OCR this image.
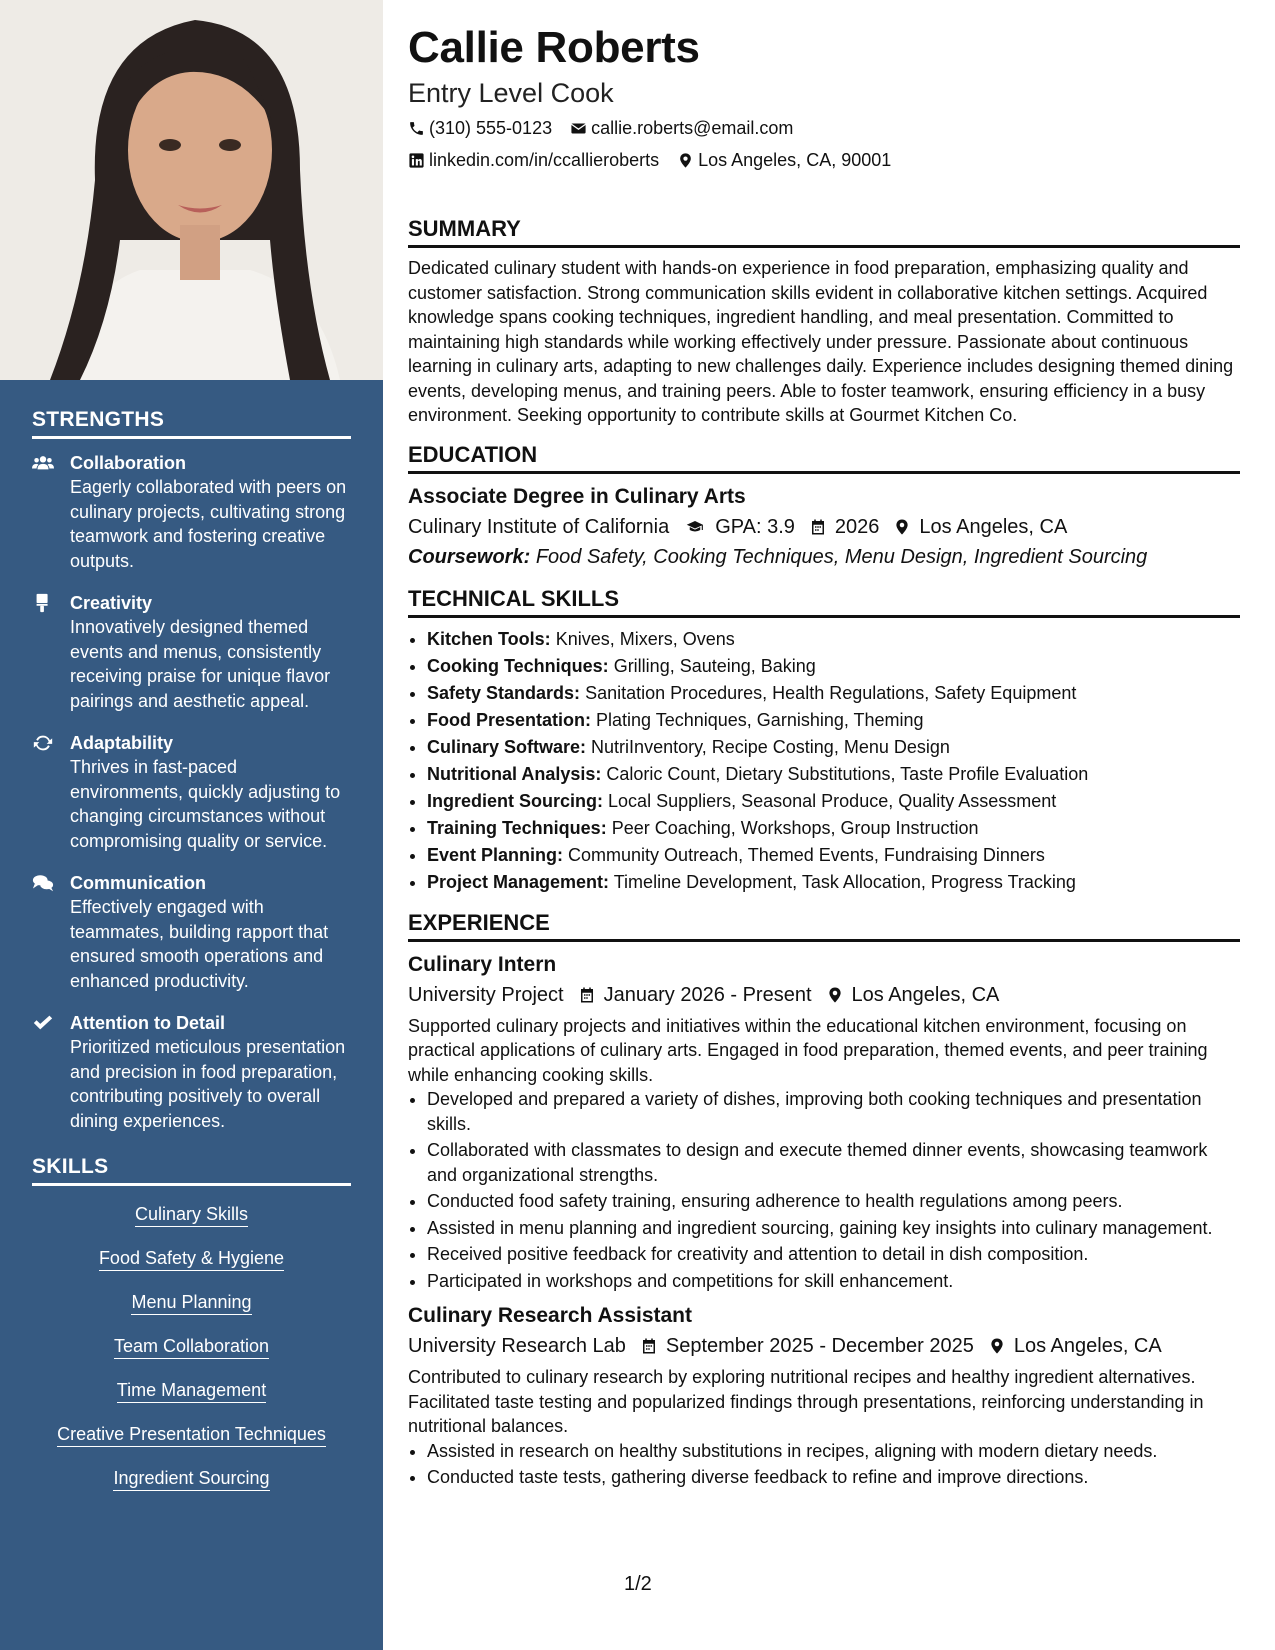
STRENGTHS
Collaboration
Eagerly collaborated with peers on culinary projects, cultivating strong teamwork and fostering creative outputs.
Creativity
Innovatively designed themed events and menus, consistently receiving praise for unique flavor pairings and aesthetic appeal.
Adaptability
Thrives in fast-paced environments, quickly adjusting to changing circumstances without compromising quality or service.
Communication
Effectively engaged with teammates, building rapport that ensured smooth operations and enhanced productivity.
Attention to Detail
Prioritized meticulous presentation and precision in food preparation, contributing positively to overall dining experiences.
SKILLS
Culinary Skills
Food Safety & Hygiene
Menu Planning
Team Collaboration
Time Management
Creative Presentation Techniques
Ingredient Sourcing
Callie Roberts
Entry Level Cook
(310) 555-0123 callie.roberts@email.com
linkedin.com/in/ccallieroberts Los Angeles, CA, 90001
SUMMARY

Dedicated culinary student with hands-on experience in food preparation, emphasizing quality and customer satisfaction. Strong communication skills evident in collaborative kitchen settings. Acquired knowledge spans cooking techniques, ingredient handling, and meal presentation. Committed to maintaining high standards while working effectively under pressure. Passionate about continuous learning in culinary arts, adapting to new challenges daily. Experience includes designing themed dining events, developing menus, and training peers. Able to foster teamwork, ensuring efficiency in a busy environment. Seeking opportunity to contribute skills at Gourmet Kitchen Co.

EDUCATION
Associate Degree in Culinary Arts
Culinary Institute of California GPA: 3.9 2026 Los Angeles, CA
Coursework: Food Safety, Cooking Techniques, Menu Design, Ingredient Sourcing
TECHNICAL SKILLS
• Kitchen Tools: Knives, Mixers, Ovens
• Cooking Techniques: Grilling, Sauteing, Baking
• Safety Standards: Sanitation Procedures, Health Regulations, Safety Equipment
• Food Presentation: Plating Techniques, Garnishing, Theming
• Culinary Software: NutriInventory, Recipe Costing, Menu Design
• Nutritional Analysis: Caloric Count, Dietary Substitutions, Taste Profile Evaluation
• Ingredient Sourcing: Local Suppliers, Seasonal Produce, Quality Assessment
• Training Techniques: Peer Coaching, Workshops, Group Instruction
• Event Planning: Community Outreach, Themed Events, Fundraising Dinners
• Project Management: Timeline Development, Task Allocation, Progress Tracking
EXPERIENCE
Culinary Intern
University Project January 2026 - Present Los Angeles, CA

Supported culinary projects and initiatives within the educational kitchen environment, focusing on practical applications of culinary arts. Engaged in food preparation, themed events, and peer training while enhancing cooking skills.

• Developed and prepared a variety of dishes, improving both cooking techniques and presentation skills.
• Collaborated with classmates to design and execute themed dinner events, showcasing teamwork and organizational strengths.
• Conducted food safety training, ensuring adherence to health regulations among peers.
• Assisted in menu planning and ingredient sourcing, gaining key insights into culinary management.
• Received positive feedback for creativity and attention to detail in dish composition.
• Participated in workshops and competitions for skill enhancement.
Culinary Research Assistant
University Research Lab September 2025 - December 2025 Los Angeles, CA

Contributed to culinary research by exploring nutritional recipes and healthy ingredient alternatives. Facilitated taste testing and popularized findings through presentations, reinforcing understanding in nutritional balances.

• Assisted in research on healthy substitutions in recipes, aligning with modern dietary needs.
• Conducted taste tests, gathering diverse feedback to refine and improve directions.
1/2
